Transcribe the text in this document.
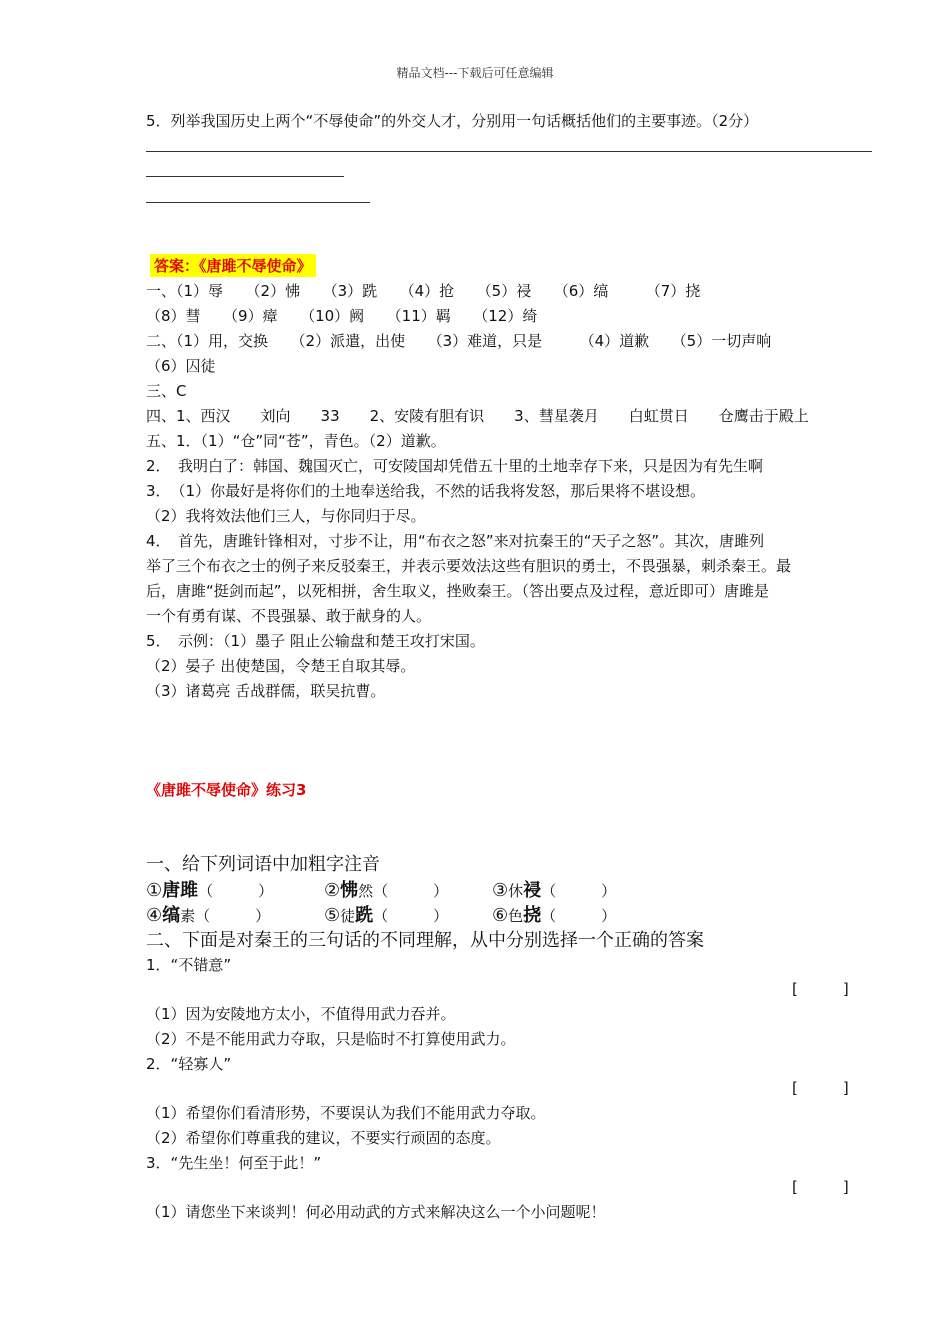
精品文档---下载后可任意编辑
5．列举我国历史上两个“不辱使命”的外交人才，分别用一句话概括他们的主要事迹。（2分）
答案：《唐雎不辱使命》
一、（1）辱　　（2）怫　　（3）跣　　（4）抢　　（5）祲　　（6）缟　　　（7）挠
（8）彗　　（9）瘴　　（10）阙　　（11）羁　　（12）绮
二、（1）用，交换　　（2）派遣，出使　　（3）难道，只是　　　（4）道歉　　（5）一切声响
（6）囚徒
三、C
四、1、西汉　　刘向　　33　　2、安陵有胆有识　　3、彗星袭月　　白虹贯日　　仓鹰击于殿上
五、1．（1）“仓”同“苍”，青色。（2）道歉。
2．　我明白了：韩国、魏国灭亡，可安陵国却凭借五十里的土地幸存下来，只是因为有先生啊
3．　（1）你最好是将你们的土地奉送给我，不然的话我将发怒，那后果将不堪设想。
（2）我将效法他们三人，与你同归于尽。
4．　首先，唐雎针锋相对，寸步不让，用“布衣之怒”来对抗秦王的“天子之怒”。其次，唐雎列
举了三个布衣之士的例子来反驳秦王，并表示要效法这些有胆识的勇士，不畏强暴，刺杀秦王。最
后，唐雎“挺剑而起”，以死相拼，舍生取义，挫败秦王。（答出要点及过程，意近即可）唐雎是
一个有勇有谋、不畏强暴、敢于献身的人。
5．　示例：（1）墨子 阻止公输盘和楚王攻打宋国。
（2）晏子 出使楚国，令楚王自取其辱。
（3）诸葛亮 舌战群儒，联吴抗曹。
《唐雎不辱使命》练习3
一、给下列词语中加粗字注音
①唐雎（　　　）	②怫然（　　　） ③休祲（　　　）
④缟素（　　　）	⑤徒跣（　　　） ⑥色挠（　　　）
二、下面是对秦王的三句话的不同理解，从中分别选择一个正确的答案
1．“不错意”
[　　　]
（1）因为安陵地方太小，不值得用武力吞并。
（2）不是不能用武力夺取，只是临时不打算使用武力。
2．“轻寡人”
[　　　]
（1）希望你们看清形势，不要误认为我们不能用武力夺取。
（2）希望你们尊重我的建议，不要实行顽固的态度。
3．“先生坐！何至于此！”
[　　　]
（1）请您坐下来谈判！何必用动武的方式来解决这么一个小问题呢！
